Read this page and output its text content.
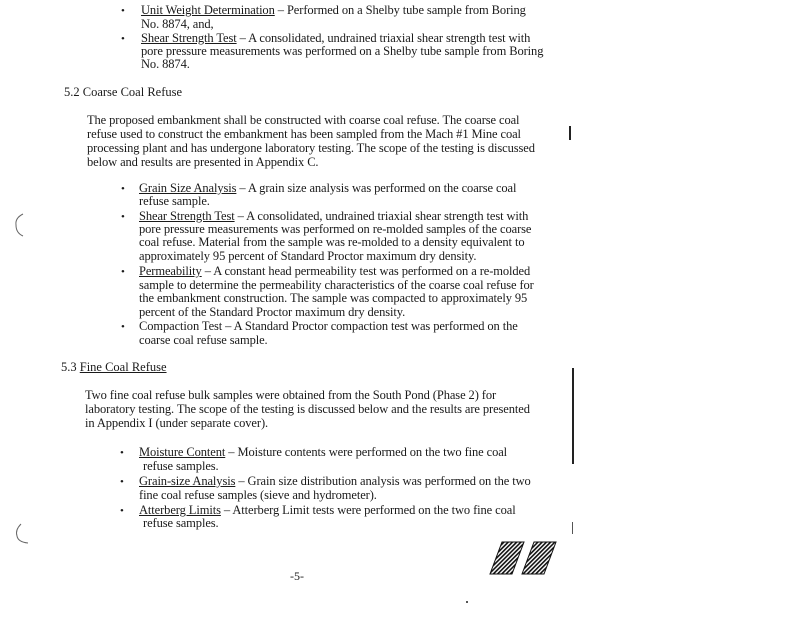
• Unit Weight Determination – Performed on a Shelby tube sample from Boring
No. 8874, and,
• Shear Strength Test – A consolidated, undrained triaxial shear strength test with
pore pressure measurements was performed on a Shelby tube sample from Boring
No. 8874.
5.2 Coarse Coal Refuse
The proposed embankment shall be constructed with coarse coal refuse. The coarse coal
refuse used to construct the embankment has been sampled from the Mach #1 Mine coal
processing plant and has undergone laboratory testing. The scope of the testing is discussed
below and results are presented in Appendix C.
• Grain Size Analysis – A grain size analysis was performed on the coarse coal
refuse sample.
• Shear Strength Test – A consolidated, undrained triaxial shear strength test with
pore pressure measurements was performed on re-molded samples of the coarse
coal refuse. Material from the sample was re-molded to a density equivalent to
approximately 95 percent of Standard Proctor maximum dry density.
• Permeability – A constant head permeability test was performed on a re-molded
sample to determine the permeability characteristics of the coarse coal refuse for
the embankment construction. The sample was compacted to approximately 95
percent of the Standard Proctor maximum dry density.
• Compaction Test – A Standard Proctor compaction test was performed on the
coarse coal refuse sample.
5.3 Fine Coal Refuse
Two fine coal refuse bulk samples were obtained from the South Pond (Phase 2) for
laboratory testing. The scope of the testing is discussed below and the results are presented
in Appendix I (under separate cover).
• Moisture Content – Moisture contents were performed on the two fine coal
refuse samples.
• Grain-size Analysis – Grain size distribution analysis was performed on the two
fine coal refuse samples (sieve and hydrometer).
• Atterberg Limits – Atterberg Limit tests were performed on the two fine coal
refuse samples.
-5-
